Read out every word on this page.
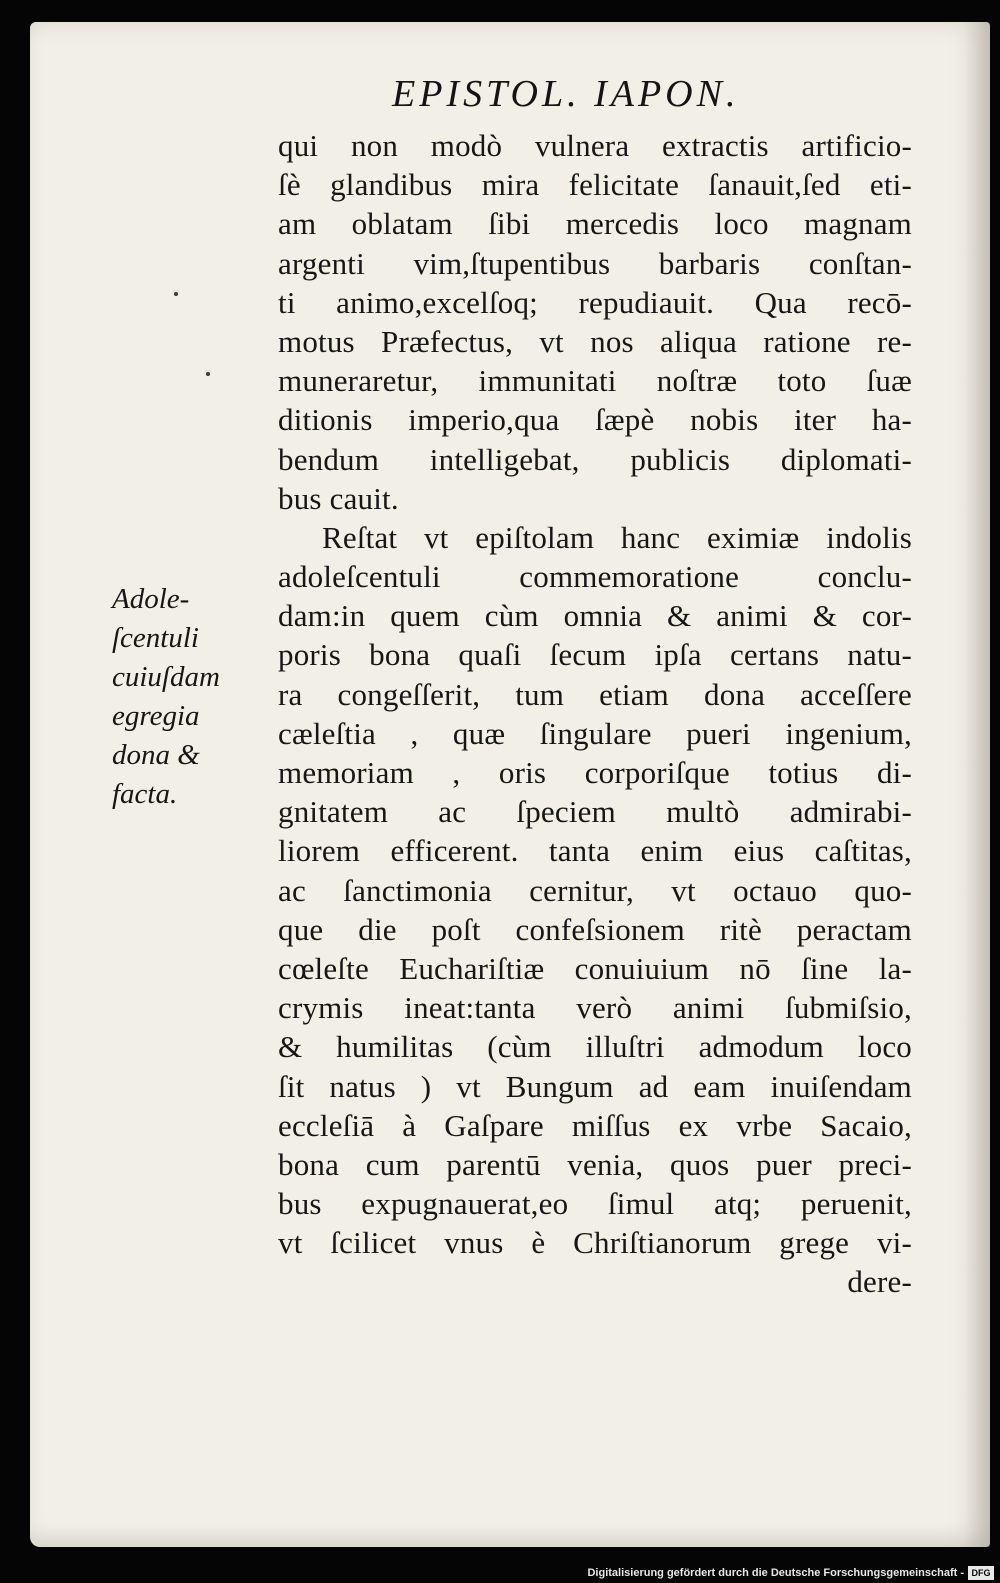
EPISTOL. IAPON.
qui non modò vulnera extractis artificio-
ſè glandibus mira felicitate ſanauit,ſed eti-
am oblatam ſibi mercedis loco magnam
argenti vim,ſtupentibus barbaris conſtan-
ti animo,excelſoq; repudiauit. Qua recō-
motus Præfectus, vt nos aliqua ratione re-
muneraretur, immunitati noſtræ toto ſuæ
ditionis imperio,qua ſæpè nobis iter ha-
bendum intelligebat, publicis diplomati-
bus cauit.
Reſtat vt epiſtolam hanc eximiæ indolis
adoleſcentuli commemoratione conclu-
dam:in quem cùm omnia & animi & cor-
poris bona quaſi ſecum ipſa certans natu-
ra congeſſerit, tum etiam dona acceſſere
cæleſtia , quæ ſingulare pueri ingenium,
memoriam , oris corporiſque totius di-
gnitatem ac ſpeciem multò admirabi-
liorem efficerent. tanta enim eius caſtitas,
ac ſanctimonia cernitur, vt octauo quo-
que die poſt confeſsionem ritè peractam
cœleſte Euchariſtiæ conuiuium nō ſine la-
crymis ineat:tanta verò animi ſubmiſsio,
& humilitas (cùm illuſtri admodum loco
ſit natus ) vt Bungum ad eam inuiſendam
eccleſiā à Gaſpare miſſus ex vrbe Sacaio,
bona cum parentū venia, quos puer preci-
bus expugnauerat,eo ſimul atq; peruenit,
vt ſcilicet vnus è Chriſtianorum grege vi-
dere-
Adole-
ſcentuli
cuiuſdam
egregia
dona &
facta.
Digitalisierung gefördert durch die Deutsche Forschungsgemeinschaft - DFG
